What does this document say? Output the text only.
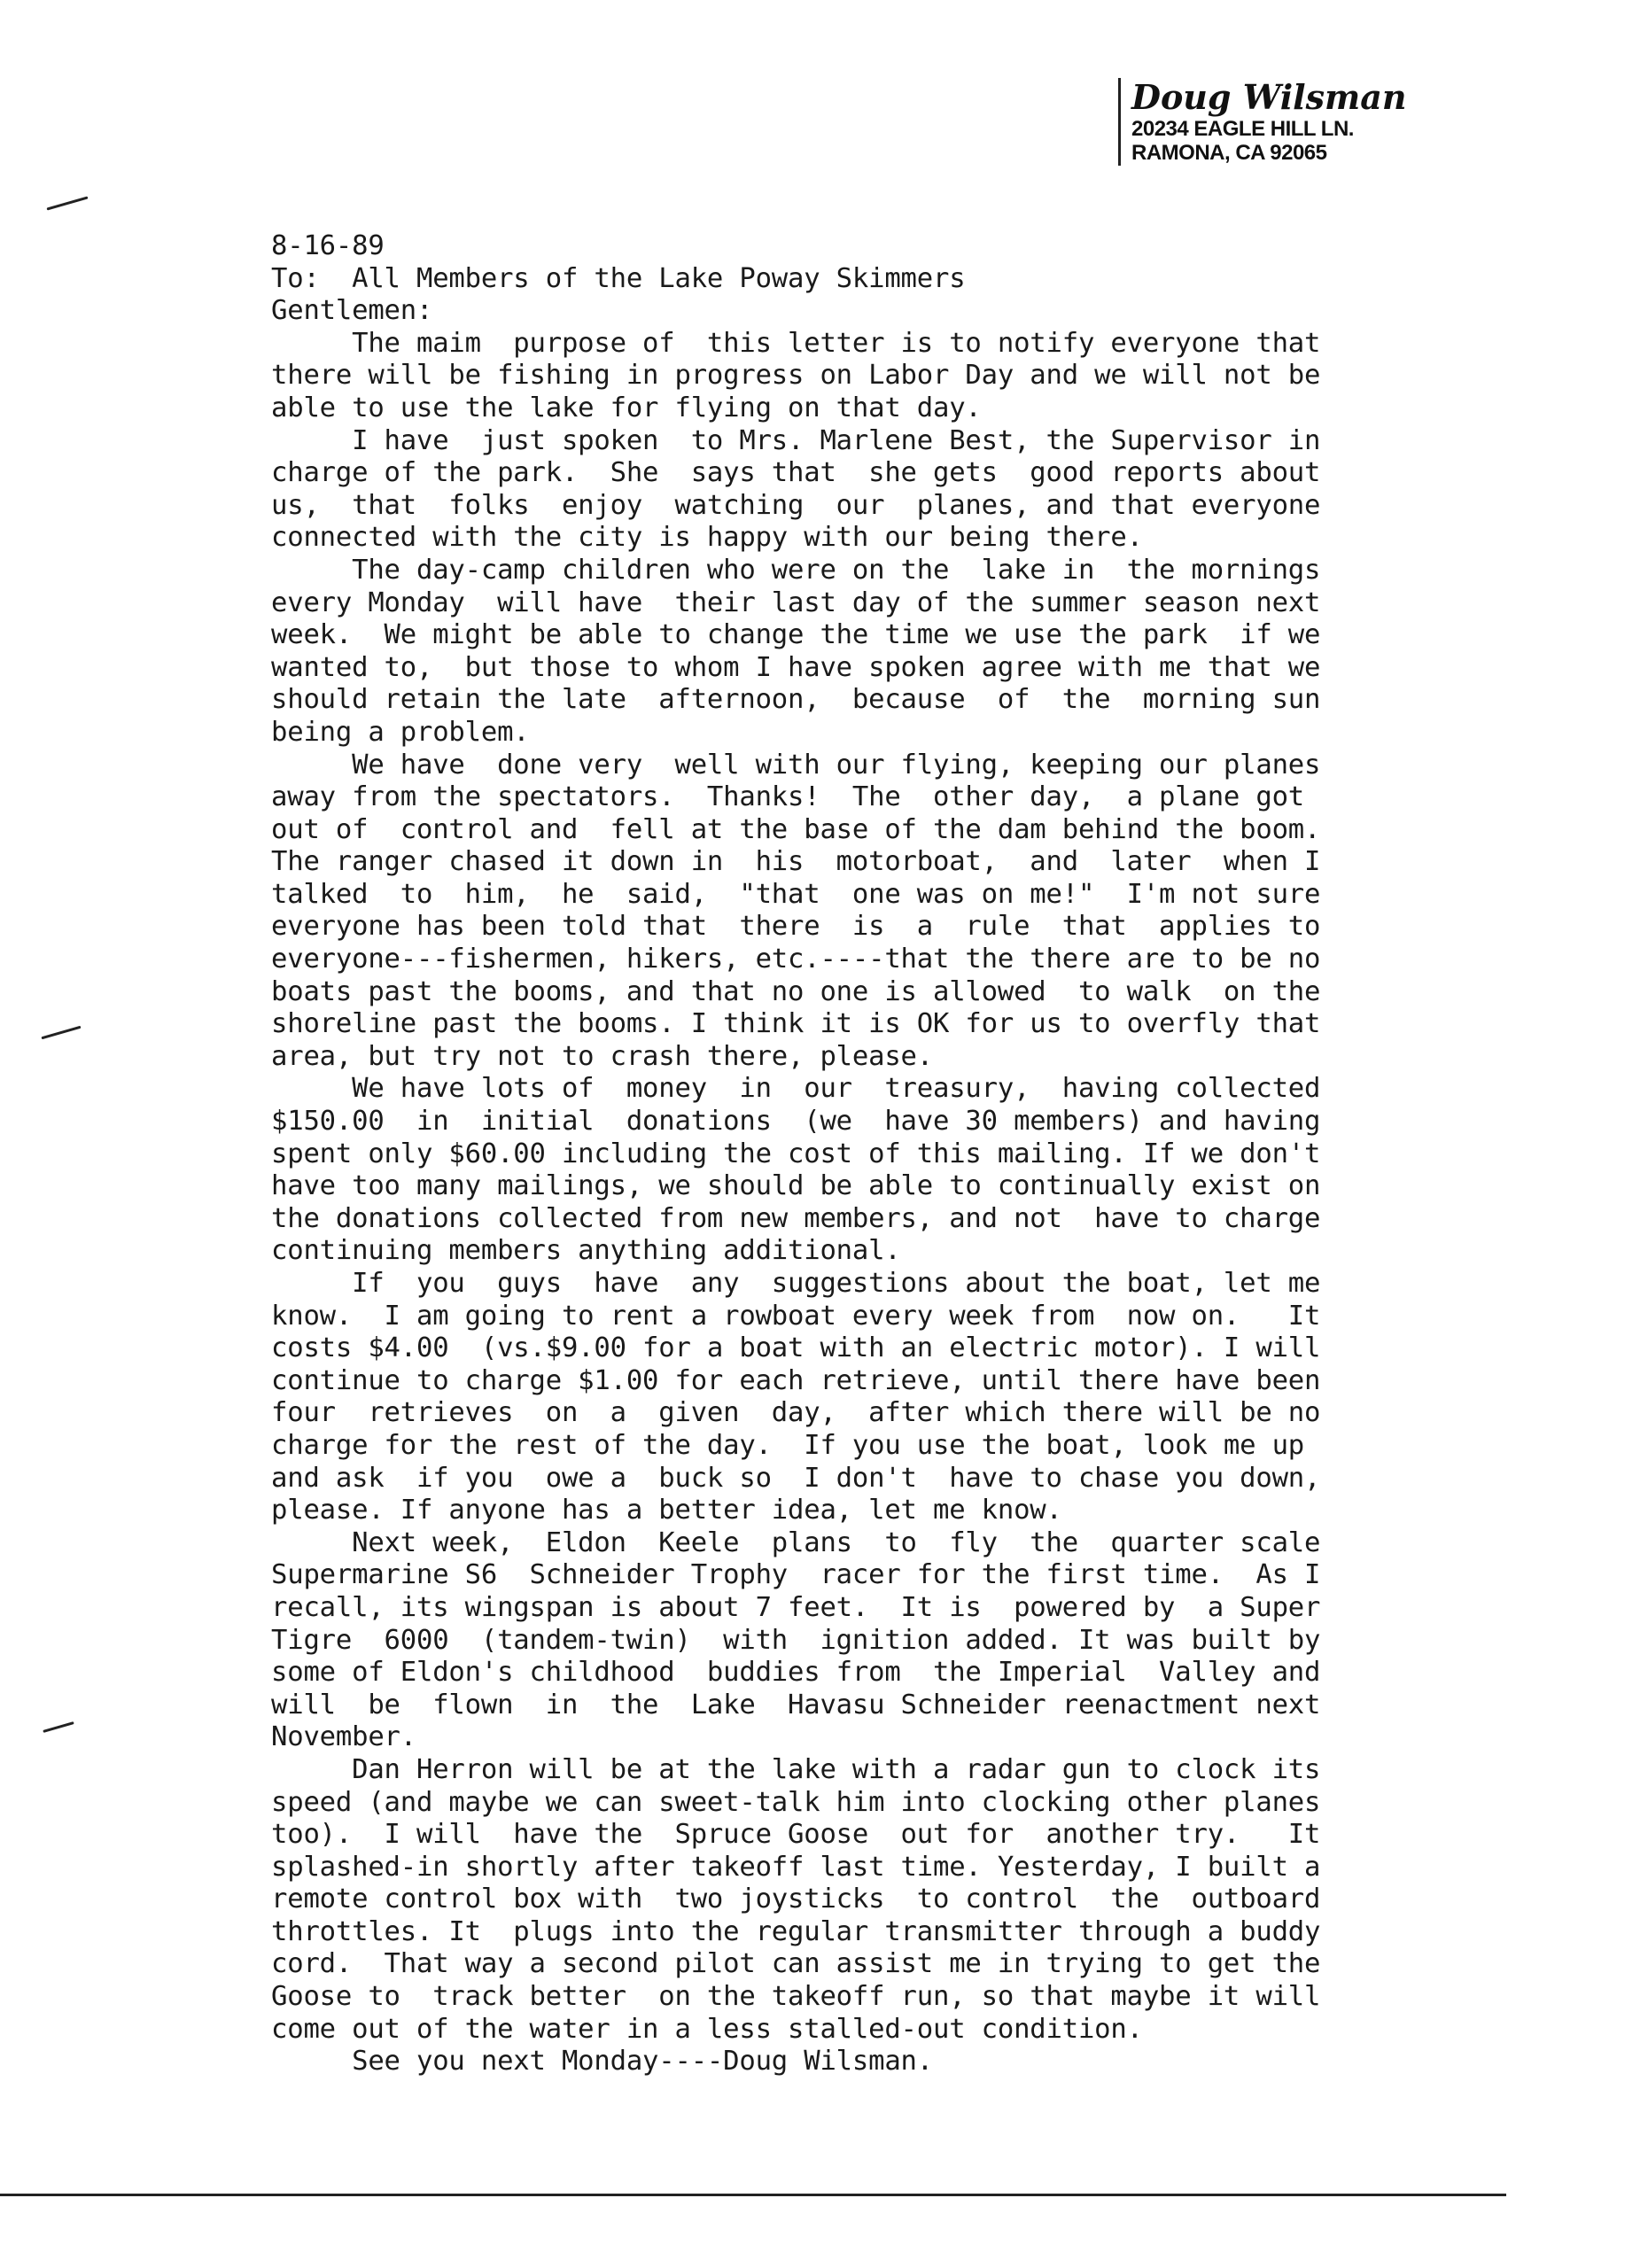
Doug Wilsman
20234 EAGLE HILL LN.
RAMONA, CA 92065
8-16-89
To:  All Members of the Lake Poway Skimmers
Gentlemen:
The maim  purpose of  this letter is to notify everyone that
there will be fishing in progress on Labor Day and we will not be
able to use the lake for flying on that day.
I have  just spoken  to Mrs. Marlene Best, the Supervisor in
charge of the park.  She  says that  she gets  good reports about
us,  that  folks  enjoy  watching  our  planes, and that everyone
connected with the city is happy with our being there.
The day-camp children who were on the  lake in  the mornings
every Monday  will have  their last day of the summer season next
week.  We might be able to change the time we use the park  if we
wanted to,  but those to whom I have spoken agree with me that we
should retain the late  afternoon,  because  of  the  morning sun
being a problem.
We have  done very  well with our flying, keeping our planes
away from the spectators.  Thanks!  The  other day,  a plane got
out of  control and  fell at the base of the dam behind the boom.
The ranger chased it down in  his  motorboat,  and  later  when I
talked  to  him,  he  said,  "that  one was on me!"  I'm not sure
everyone has been told that  there  is  a  rule  that  applies to
everyone---fishermen, hikers, etc.----that the there are to be no
boats past the booms, and that no one is allowed  to walk  on the
shoreline past the booms. I think it is OK for us to overfly that
area, but try not to crash there, please.
We have lots of  money  in  our  treasury,  having collected
$150.00  in  initial  donations  (we  have 30 members) and having
spent only $60.00 including the cost of this mailing. If we don't
have too many mailings, we should be able to continually exist on
the donations collected from new members, and not  have to charge
continuing members anything additional.
If  you  guys  have  any  suggestions about the boat, let me
know.  I am going to rent a rowboat every week from  now on.   It
costs $4.00  (vs.$9.00 for a boat with an electric motor). I will
continue to charge $1.00 for each retrieve, until there have been
four  retrieves  on  a  given  day,  after which there will be no
charge for the rest of the day.  If you use the boat, look me up
and ask  if you  owe a  buck so  I don't  have to chase you down,
please. If anyone has a better idea, let me know.
Next week,  Eldon  Keele  plans  to  fly  the  quarter scale
Supermarine S6  Schneider Trophy  racer for the first time.  As I
recall, its wingspan is about 7 feet.  It is  powered by  a Super
Tigre  6000  (tandem-twin)  with  ignition added. It was built by
some of Eldon's childhood  buddies from  the Imperial  Valley and
will  be  flown  in  the  Lake  Havasu Schneider reenactment next
November.
Dan Herron will be at the lake with a radar gun to clock its
speed (and maybe we can sweet-talk him into clocking other planes
too).  I will  have the  Spruce Goose  out for  another try.   It
splashed-in shortly after takeoff last time. Yesterday, I built a
remote control box with  two joysticks  to control  the  outboard
throttles. It  plugs into the regular transmitter through a buddy
cord.  That way a second pilot can assist me in trying to get the
Goose to  track better  on the takeoff run, so that maybe it will
come out of the water in a less stalled-out condition.
See you next Monday----Doug Wilsman.
